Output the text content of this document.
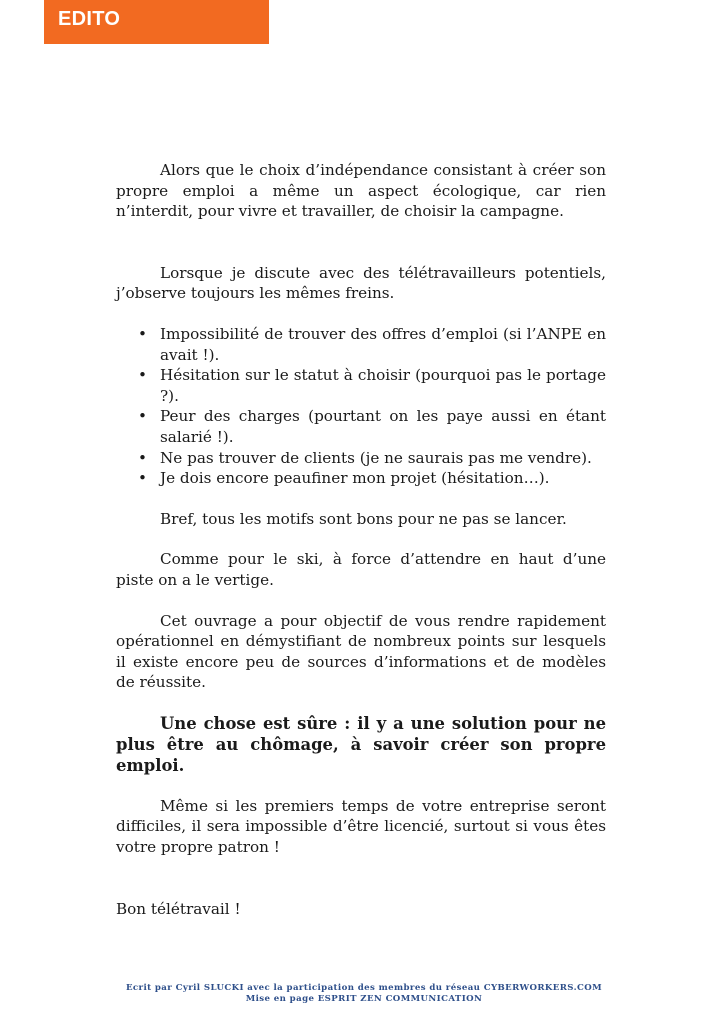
EDITO

Alors que le choix d’indépendance consistant à créer son propre emploi a même un aspect écologique, car rien n’interdit, pour vivre et travailler, de choisir la campagne.

Lorsque je discute avec des télétravailleurs potentiels, j’observe toujours les mêmes freins.

• Impossibilité de trouver des offres d’emploi (si l’ANPE en avait !).
• Hésitation sur le statut à choisir (pourquoi pas le portage ?).
• Peur des charges (pourtant on les paye aussi en étant salarié !).
• Ne pas trouver de clients (je ne saurais pas me vendre).
• Je dois encore peaufiner mon projet (hésitation…).

Bref, tous les motifs sont bons pour ne pas se lancer.

Comme pour le ski, à force d’attendre en haut d’une piste on a le vertige.

Cet ouvrage a pour objectif de vous rendre rapidement opérationnel en démystifiant de nombreux points sur lesquels il existe encore peu de sources d’informations et de modèles de réussite.

Une chose est sûre : il y a une solution pour ne plus être au chômage, à savoir créer son propre emploi.

Même si les premiers temps de votre entreprise seront difficiles, il sera impossible d’être licencié, surtout si vous êtes votre propre patron !

Bon télétravail !

Ecrit par Cyril SLUCKI avec la participation des membres du réseau CYBERWORKERS.COM
Mise en page ESPRIT ZEN COMMUNICATION
